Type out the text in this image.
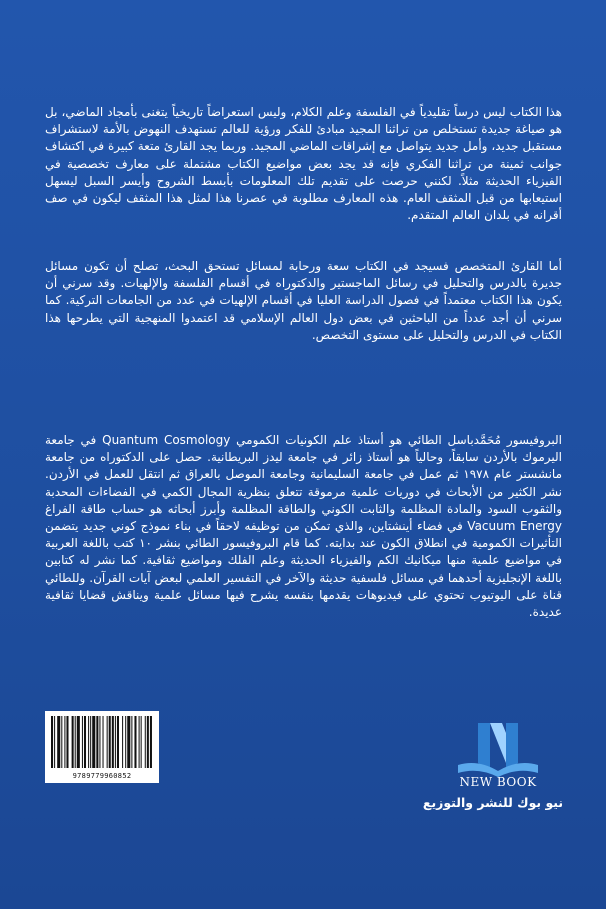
هذا الكتاب ليس درساً تقليدياً في الفلسفة وعلم الكلام، وليس استعراضاً تاريخياً يتغنى بأمجاد الماضي، بل هو صياغة جديدة تستخلص من تراثنا المجيد مبادئ للفكر ورؤية للعالم تستهدف النهوض بالأمة لاستشراف مستقبل جديد، وأمل جديد يتواصل مع إشراقات الماضي المجيد. وربما يجد القارئ متعة كبيرة في اكتشاف جوانب ثمينة من تراثنا الفكري فإنه قد يجد بعض مواضيع الكتاب مشتملة على معارف تخصصية في الفيزياء الحديثة مثلاً. لكنني حرصت على تقديم تلك المعلومات بأبسط الشروح وأيسر السبل ليسهل استيعابها من قبل المثقف العام. هذه المعارف مطلوبة في عصرنا هذا لمثل هذا المثقف ليكون في صف أقرانه في بلدان العالم المتقدم.

أما القارئ المتخصص فسيجد في الكتاب سعة ورحابة لمسائل تستحق البحث، تصلح أن تكون مسائل جديرة بالدرس والتحليل في رسائل الماجستير والدكتوراه في أقسام الفلسفة والإلهيات. وقد سرني أن يكون هذا الكتاب معتمداً في فصول الدراسة العليا في أقسام الإلهيات في عدد من الجامعات التركية. كما سرني أن أجد عدداً من الباحثين في بعض دول العالم الإسلامي قد اعتمدوا المنهجية التي يطرحها هذا الكتاب في الدرس والتحليل على مستوى التخصص.

البروفيسور مُحَمَّدباسل الطائي هو أستاذ علم الكونيات الكمومي Quantum Cosmology في جامعة اليرموك بالأردن سابقاً، وحالياً هو أستاذ زائر في جامعة ليدز البريطانية. حصل على الدكتوراه من جامعة مانشستر عام ١٩٧٨ ثم عمل في جامعة السليمانية وجامعة الموصل بالعراق ثم انتقل للعمل في الأردن. نشر الكثير من الأبحاث في دوريات علمية مرموقة تتعلق بنظرية المجال الكمي في الفضاءات المحدبة والثقوب السود والمادة المظلمة والثابت الكوني والطاقة المظلمة وأبرز أبحاثه هو حساب طاقة الفراغ Vacuum Energy في فضاء أينشتاين، والذي تمكن من توظيفه لاحقاً في بناء نموذج كوني جديد يتضمن التأثيرات الكمومية في انطلاق الكون عند بدايته. كما قام البروفيسور الطائي بنشر ١٠ كتب باللغة العربية في مواضيع علمية منها ميكانيك الكم والفيزياء الحديثة وعلم الفلك ومواضيع ثقافية. كما نشر له كتابين باللغة الإنجليزية أحدهما في مسائل فلسفية حديثة والآخر في التفسير العلمي لبعض آيات القرآن. وللطائي قناة على اليوتيوب تحتوي على فيديوهات يقدمها بنفسه يشرح فيها مسائل علمية ويناقش قضايا ثقافية عديدة.

9789779960852	NEW BOOK
نيو بوك للنشر والتوزيع
